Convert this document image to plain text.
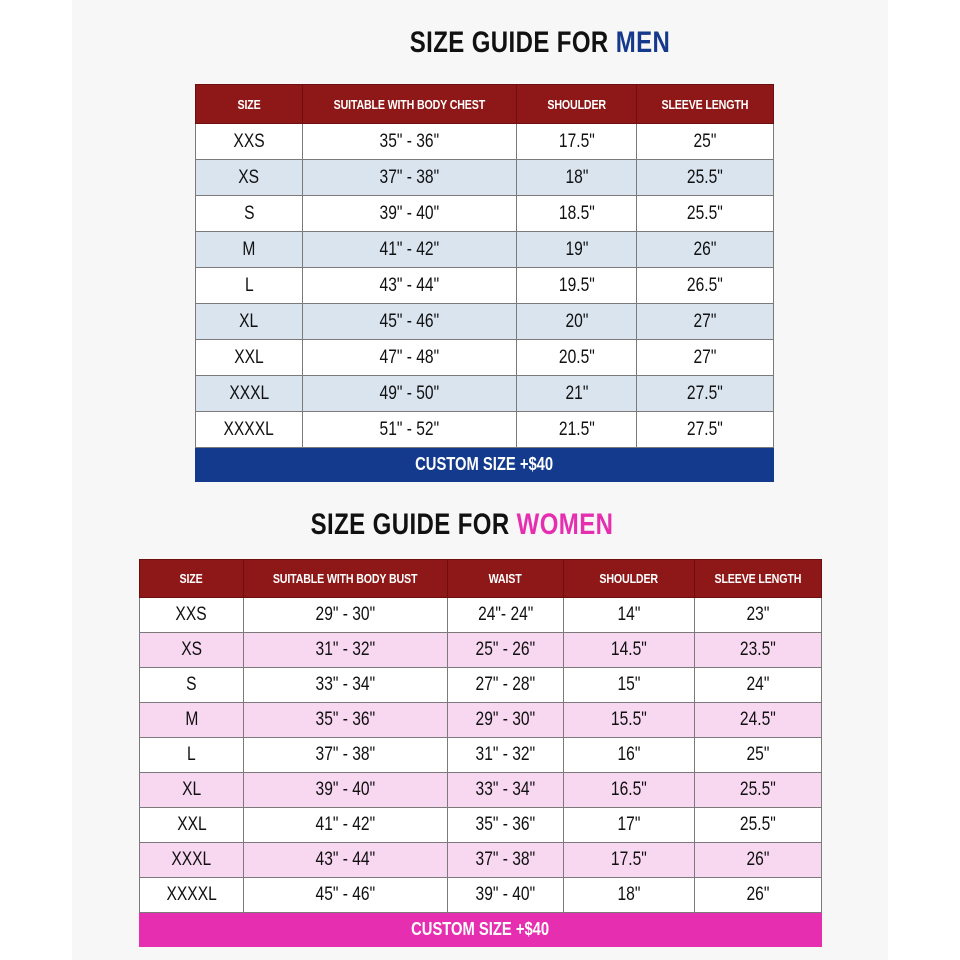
SIZE GUIDE FOR MEN
SIZE	SUITABLE WITH BODY CHEST	SHOULDER	SLEEVE LENGTH
XXS	35" - 36"	17.5"	25"
XS	37" - 38"	18"	25.5"
S	39" - 40"	18.5"	25.5"
M	41" - 42"	19"	26"
L	43" - 44"	19.5"	26.5"
XL	45" - 46"	20"	27"
XXL	47" - 48"	20.5"	27"
XXXL	49" - 50"	21"	27.5"
XXXXL	51" - 52"	21.5"	27.5"
CUSTOM SIZE +$40			
SIZE GUIDE FOR WOMEN
SIZE	SUITABLE WITH BODY BUST	WAIST	SHOULDER	SLEEVE LENGTH
XXS	29" - 30"	24"- 24"	14"	23"
XS	31" - 32"	25" - 26"	14.5"	23.5"
S	33" - 34"	27" - 28"	15"	24"
M	35" - 36"	29" - 30"	15.5"	24.5"
L	37" - 38"	31" - 32"	16"	25"
XL	39" - 40"	33" - 34"	16.5"	25.5"
XXL	41" - 42"	35" - 36"	17"	25.5"
XXXL	43" - 44"	37" - 38"	17.5"	26"
XXXXL	45" - 46"	39" - 40"	18"	26"
CUSTOM SIZE +$40				
